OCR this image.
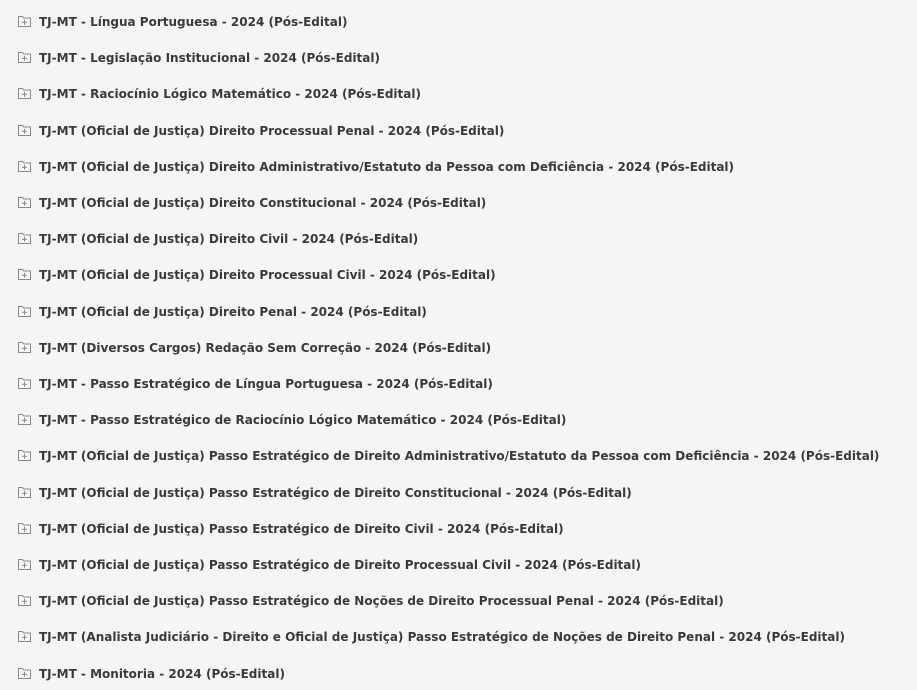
TJ-MT - Língua Portuguesa - 2024 (Pós-Edital)
TJ-MT - Legislação Institucional - 2024 (Pós-Edital)
TJ-MT - Raciocínio Lógico Matemático - 2024 (Pós-Edital)
TJ-MT (Oficial de Justiça) Direito Processual Penal - 2024 (Pós-Edital)
TJ-MT (Oficial de Justiça) Direito Administrativo/Estatuto da Pessoa com Deficiência - 2024 (Pós-Edital)
TJ-MT (Oficial de Justiça) Direito Constitucional - 2024 (Pós-Edital)
TJ-MT (Oficial de Justiça) Direito Civil - 2024 (Pós-Edital)
TJ-MT (Oficial de Justiça) Direito Processual Civil - 2024 (Pós-Edital)
TJ-MT (Oficial de Justiça) Direito Penal - 2024 (Pós-Edital)
TJ-MT (Diversos Cargos) Redação Sem Correção - 2024 (Pós-Edital)
TJ-MT - Passo Estratégico de Língua Portuguesa - 2024 (Pós-Edital)
TJ-MT - Passo Estratégico de Raciocínio Lógico Matemático - 2024 (Pós-Edital)
TJ-MT (Oficial de Justiça) Passo Estratégico de Direito Administrativo/Estatuto da Pessoa com Deficiência - 2024 (Pós-Edital)
TJ-MT (Oficial de Justiça) Passo Estratégico de Direito Constitucional - 2024 (Pós-Edital)
TJ-MT (Oficial de Justiça) Passo Estratégico de Direito Civil - 2024 (Pós-Edital)
TJ-MT (Oficial de Justiça) Passo Estratégico de Direito Processual Civil - 2024 (Pós-Edital)
TJ-MT (Oficial de Justiça) Passo Estratégico de Noções de Direito Processual Penal - 2024 (Pós-Edital)
TJ-MT (Analista Judiciário - Direito e Oficial de Justiça) Passo Estratégico de Noções de Direito Penal - 2024 (Pós-Edital)
TJ-MT - Monitoria - 2024 (Pós-Edital)
